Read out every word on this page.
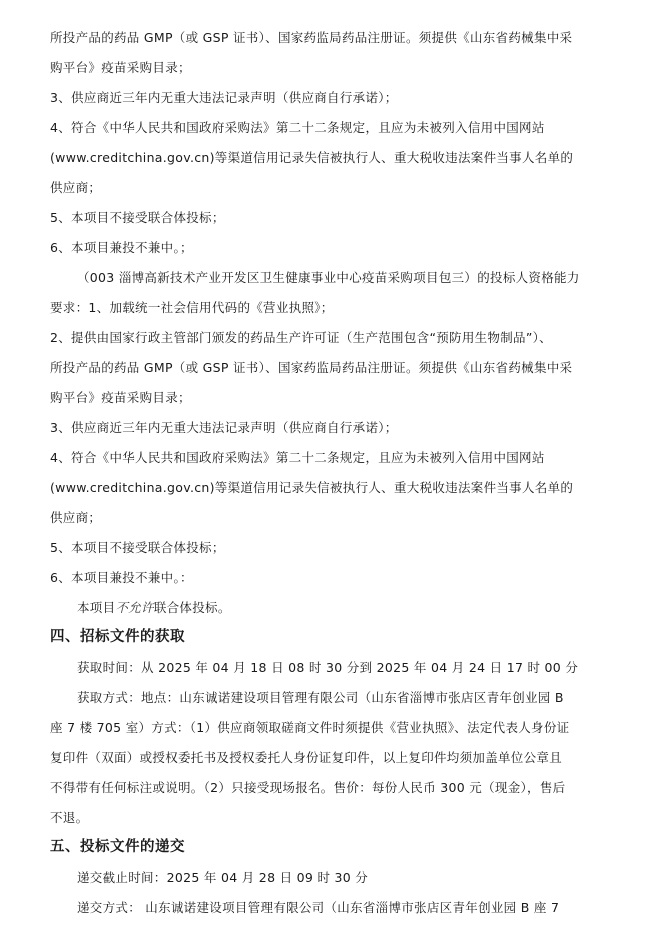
所投产品的药品 GMP（或 GSP 证书）、国家药监局药品注册证。须提供《山东省药械集中采
购平台》疫苗采购目录；
3、供应商近三年内无重大违法记录声明（供应商自行承诺）；
4、符合《中华人民共和国政府采购法》第二十二条规定，且应为未被列入信用中国网站
(www.creditchina.gov.cn)等渠道信用记录失信被执行人、重大税收违法案件当事人名单的
供应商；
5、本项目不接受联合体投标；
6、本项目兼投不兼中。；
（003 淄博高新技术产业开发区卫生健康事业中心疫苗采购项目包三）的投标人资格能力
要求：1、加载统一社会信用代码的《营业执照》；
2、提供由国家行政主管部门颁发的药品生产许可证（生产范围包含“预防用生物制品”）、
所投产品的药品 GMP（或 GSP 证书）、国家药监局药品注册证。须提供《山东省药械集中采
购平台》疫苗采购目录；
3、供应商近三年内无重大违法记录声明（供应商自行承诺）；
4、符合《中华人民共和国政府采购法》第二十二条规定，且应为未被列入信用中国网站
(www.creditchina.gov.cn)等渠道信用记录失信被执行人、重大税收违法案件当事人名单的
供应商；
5、本项目不接受联合体投标；
6、本项目兼投不兼中。：
本项目不允许联合体投标。
四、招标文件的获取
获取时间：从 2025 年 04 月 18 日 08 时 30 分到 2025 年 04 月 24 日 17 时 00 分
获取方式：地点：山东诚诺建设项目管理有限公司（山东省淄博市张店区青年创业园 B
座 7 楼 705 室）方式：（1）供应商领取磋商文件时须提供《营业执照》、法定代表人身份证
复印件（双面）或授权委托书及授权委托人身份证复印件，以上复印件均须加盖单位公章且
不得带有任何标注或说明。（2）只接受现场报名。售价：每份人民币 300 元（现金），售后
不退。
五、投标文件的递交
递交截止时间：2025 年 04 月 28 日 09 时 30 分
递交方式： 山东诚诺建设项目管理有限公司（山东省淄博市张店区青年创业园 B 座 7
